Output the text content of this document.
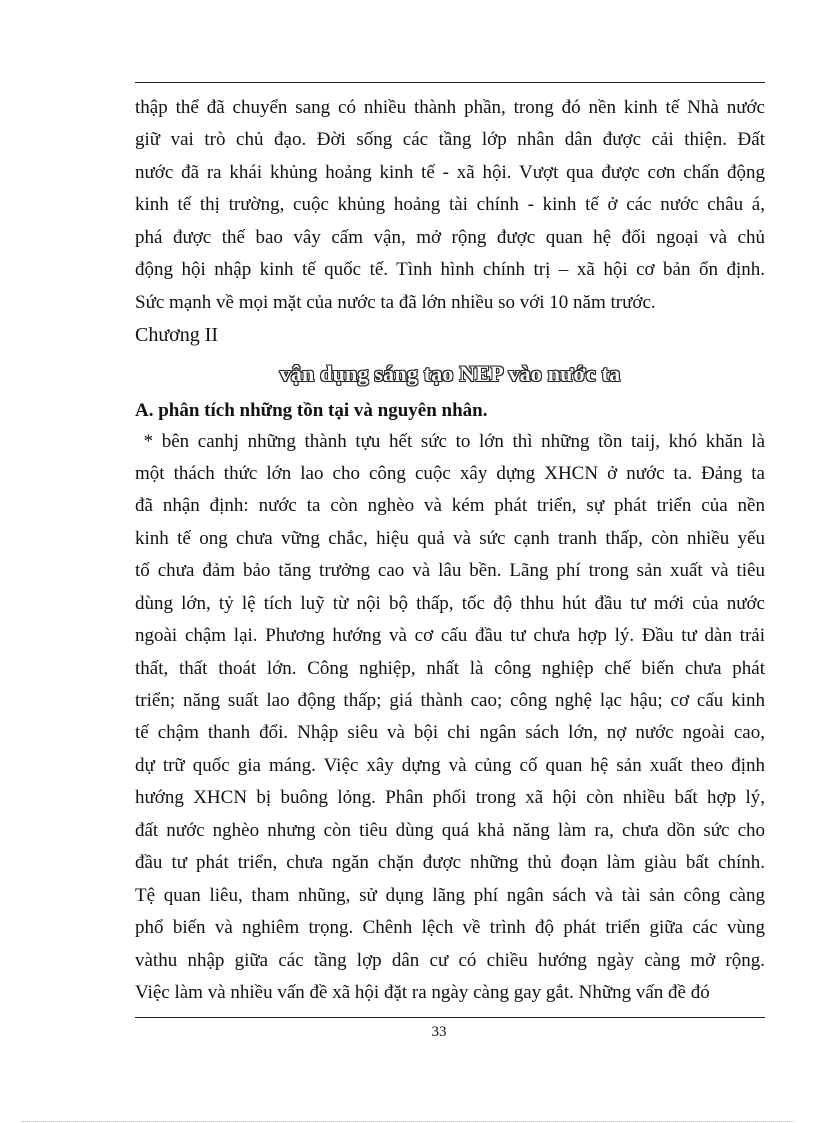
thập thể đã chuyển sang có nhiều thành phần, trong đó nền kinh tế Nhà nước
giữ vai trò chủ đạo. Đời sống các tầng lớp nhân dân được cải thiện. Đất
nước đã ra khái khủng hoảng kinh tế - xã hội. Vượt qua được cơn chấn động
kinh tế thị trường, cuộc khủng hoảng tài chính - kinh tế ở các nước châu á,
phá được thế bao vây cấm vận, mở rộng được quan hệ đối ngoại và chủ
động hội nhập kinh tế quốc tế. Tình hình chính trị – xã hội cơ bản ổn định.
Sức mạnh về mọi mặt của nước ta đã lớn nhiều so với 10 năm trước.
Chương II
vận dụng sáng tạo NEP vào nước ta
A. phân tích những tồn tại và nguyên nhân.
* bên canhj những thành tựu hết sức to lớn thì những tồn taij, khó khăn là
một thách thức lớn lao cho công cuộc xây dựng XHCN ở nước ta. Đảng ta
đã nhận định: nước ta còn nghèo và kém phát triển, sự phát triển của nền
kinh tế ong chưa vững chắc, hiệu quả và sức cạnh tranh thấp, còn nhiều yếu
tố chưa đảm bảo tăng trưởng cao và lâu bền. Lãng phí trong sản xuất và tiêu
dùng lớn, tỷ lệ tích luỹ từ nội bộ thấp, tốc độ thhu hút đầu tư mới của nước
ngoài chậm lại. Phương hướng và cơ cấu đầu tư chưa hợp lý. Đầu tư dàn trải
thất, thất thoát lớn. Công nghiệp, nhất là công nghiệp chế biến chưa phát
triển; năng suất lao động thấp; giá thành cao; công nghệ lạc hậu; cơ cấu kinh
tế chậm thanh đổi. Nhập siêu và bội chi ngân sách lớn, nợ nước ngoài cao,
dự trữ quốc gia máng. Việc xây dựng và củng cố quan hệ sản xuất theo định
hướng XHCN bị buông lỏng. Phân phối trong xã hội còn nhiều bất hợp lý,
đất nước nghèo nhưng còn tiêu dùng quá khả năng làm ra, chưa dồn sức cho
đầu tư phát triển, chưa ngăn chặn được những thủ đoạn làm giàu bất chính.
Tệ quan liêu, tham nhũng, sử dụng lãng phí ngân sách và tài sản công càng
phổ biến và nghiêm trọng. Chênh lệch về trình độ phát triển giữa các vùng
vàthu nhập giữa các tầng lợp dân cư có chiều hướng ngày càng mở rộng.
Việc làm và nhiều vấn đề xã hội đặt ra ngày càng gay gắt. Những vấn đề đó
33
